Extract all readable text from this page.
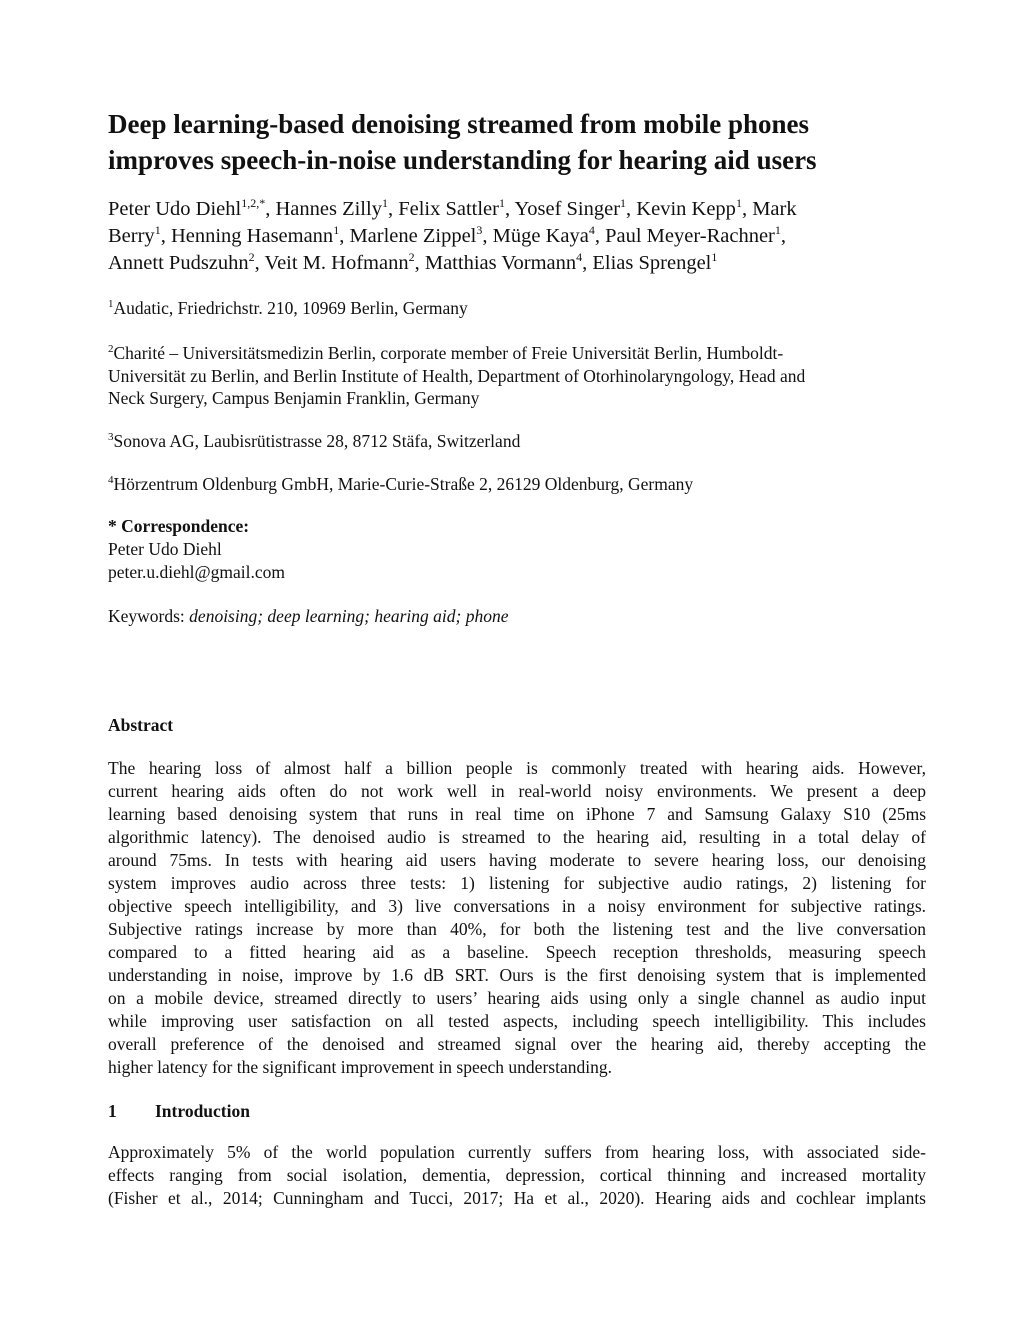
Deep learning-based denoising streamed from mobile phones
improves speech-in-noise understanding for hearing aid users
Peter Udo Diehl$^{1,2,*}$, Hannes Zilly$^1$, Felix Sattler$^1$, Yosef Singer$^1$, Kevin Kepp$^1$, Mark
Berry$^1$, Henning Hasemann$^1$, Marlene Zippel$^3$, Müge Kaya$^4$, Paul Meyer-Rachner$^1$,
Annett Pudszuhn$^2$, Veit M. Hofmann$^2$, Matthias Vormann$^4$, Elias Sprengel$^1$
$^1$Audatic, Friedrichstr. 210, 10969 Berlin, Germany
$^2$Charité – Universitätsmedizin Berlin, corporate member of Freie Universität Berlin, Humboldt-
Universität zu Berlin, and Berlin Institute of Health, Department of Otorhinolaryngology, Head and
Neck Surgery, Campus Benjamin Franklin, Germany
$^3$Sonova AG, Laubisrütistrasse 28, 8712 Stäfa, Switzerland
$^4$Hörzentrum Oldenburg GmbH, Marie-Curie-Straße 2, 26129 Oldenburg, Germany
* Correspondence:
Peter Udo Diehl
peter.u.diehl@gmail.com

Keywords: denoising; deep learning; hearing aid; phone

Abstract
The hearing loss of almost half a billion people is commonly treated with hearing aids. However,
current hearing aids often do not work well in real-world noisy environments. We present a deep
learning based denoising system that runs in real time on iPhone 7 and Samsung Galaxy S10 (25ms
algorithmic latency). The denoised audio is streamed to the hearing aid, resulting in a total delay of
around 75ms. In tests with hearing aid users having moderate to severe hearing loss, our denoising
system improves audio across three tests: 1) listening for subjective audio ratings, 2) listening for
objective speech intelligibility, and 3) live conversations in a noisy environment for subjective ratings.
Subjective ratings increase by more than 40%, for both the listening test and the live conversation
compared to a fitted hearing aid as a baseline. Speech reception thresholds, measuring speech
understanding in noise, improve by 1.6 dB SRT. Ours is the first denoising system that is implemented
on a mobile device, streamed directly to users’ hearing aids using only a single channel as audio input
while improving user satisfaction on all tested aspects, including speech intelligibility. This includes
overall preference of the denoised and streamed signal over the hearing aid, thereby accepting the
higher latency for the significant improvement in speech understanding.
1 Introduction
Approximately 5% of the world population currently suffers from hearing loss, with associated side-
effects ranging from social isolation, dementia, depression, cortical thinning and increased mortality
(Fisher et al., 2014; Cunningham and Tucci, 2017; Ha et al., 2020). Hearing aids and cochlear implants
